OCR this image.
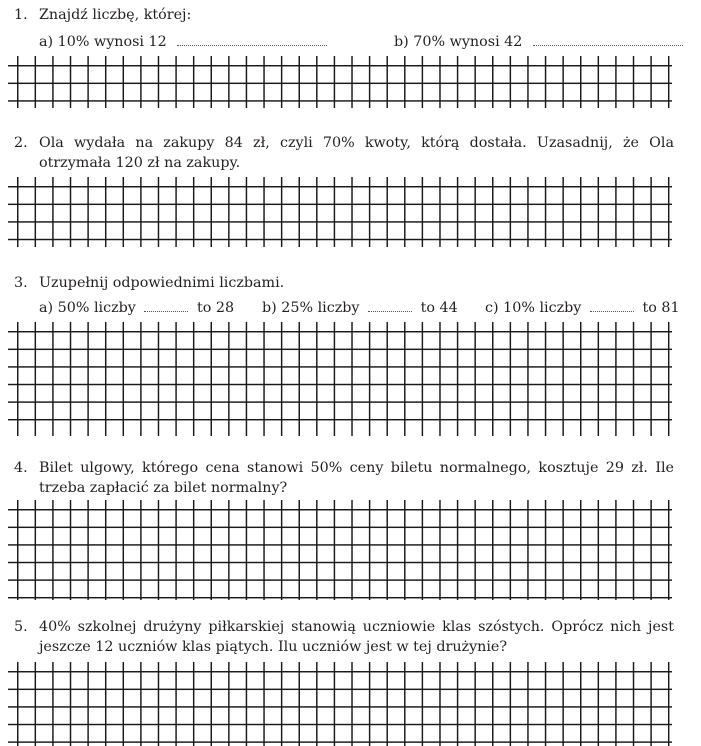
1. Znajdź liczbę, której:
a) 10% wynosi 12	b) 70% wynosi 42
2. Ola wydała na zakupy 84 zł, czyli 70% kwoty, którą dostała. Uzasadnij, że Ola otrzymała 120 zł na zakupy.
3. Uzupełnij odpowiednimi liczbami.
a) 50% liczby	to 28 b) 25% liczby	to 44 c) 10% liczby	to 81
4. Bilet ulgowy, którego cena stanowi 50% ceny biletu normalnego, kosztuje 29 zł. Ile trzeba zapłacić za bilet normalny?
5. 40% szkolnej drużyny piłkarskiej stanowią uczniowie klas szóstych. Oprócz nich jest jeszcze 12 uczniów klas piątych. Ilu uczniów jest w tej drużynie?
